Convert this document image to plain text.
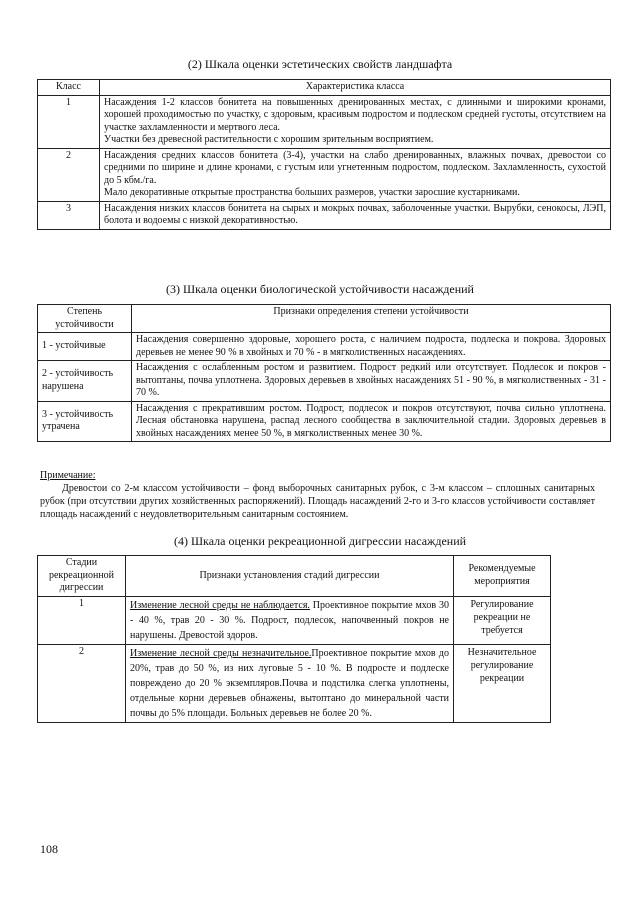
(2) Шкала оценки эстетических свойств ландшафта
Класс	Характеристика класса
1	Насаждения 1-2 классов бонитета на повышенных дренированных местах, с длинными и широкими кронами, хорошей проходимостью по участку, с здоровым, красивым подростом и подлеском средней густоты, отсутствием на участке захламленности и мертвого леса.
Участки без древесной растительности с хорошим зрительным восприятием.

2	Насаждения средних классов бонитета (3-4), участки на слабо дренированных, влажных почвах, древостои со средними по ширине и длине кронами, с густым или угнетенным подростом, подлеском. Захламленность, сухостой до 5 кбм./га.
Мало декоративные открытые пространства больших размеров, участки заросшие кустарниками.

3	Насаждения низких классов бонитета на сырых и мокрых почвах, заболоченные участки. Вырубки, сенокосы, ЛЭП, болота и водоемы с низкой декоративностью.
(3) Шкала оценки биологической устойчивости насаждений
Степень устойчивости	Признаки определения степени устойчивости
1 - устойчивые	Насаждения совершенно здоровые, хорошего роста, с наличием подроста, подлеска и покрова. Здоровых деревьев не менее 90 % в хвойных и 70 % - в мягколиственных насаждениях.
2 - устойчивость нарушена	Насаждения с ослабленным ростом и развитием. Подрост редкий или отсутствует. Подлесок и покров - вытоптаны, почва уплотнена. Здоровых деревьев в хвойных насаждениях 51 - 90 %, в мягколиственных - 31 - 70 %.
3 - устойчивость утрачена	Насаждения с прекратившим ростом. Подрост, подлесок и покров отсутствуют, почва сильно уплотнена. Лесная обстановка нарушена, распад лесного сообщества в заключительной стадии. Здоровых деревьев в хвойных насаждениях менее 50 %, в мягколиственных менее 30 %.
Примечание:
Древостои со 2-м классом устойчивости – фонд выборочных санитарных рубок, с 3-м классом – сплошных санитарных рубок (при отсутствии других хозяйственных распоряжений). Площадь насаждений 2-го и 3-го классов устойчивости составляет площадь насаждений с неудовлетворительным санитарным состоянием.
(4) Шкала оценки рекреационной дигрессии насаждений
Стадии рекреационной дигрессии	Признаки установления стадий дигрессии	Рекомендуемые мероприятия
1	Изменение лесной среды не наблюдается. Проективное покрытие мхов 30 - 40 %, трав 20 - 30 %. Подрост, подлесок, напочвенный покров не нарушены. Древостой здоров.	Регулирование рекреации не требуется
2	Изменение лесной среды незначительное.Проективное покрытие мхов до 20%, трав до 50 %, из них луговые 5 - 10 %. В подросте и подлеске повреждено до 20 % экземпляров.Почва и подстилка слегка уплотнены, отдельные корни деревьев обнажены, вытоптано до минеральной части почвы до 5% площади. Больных деревьев не более 20 %.	Незначительное регулирование рекреации
108
